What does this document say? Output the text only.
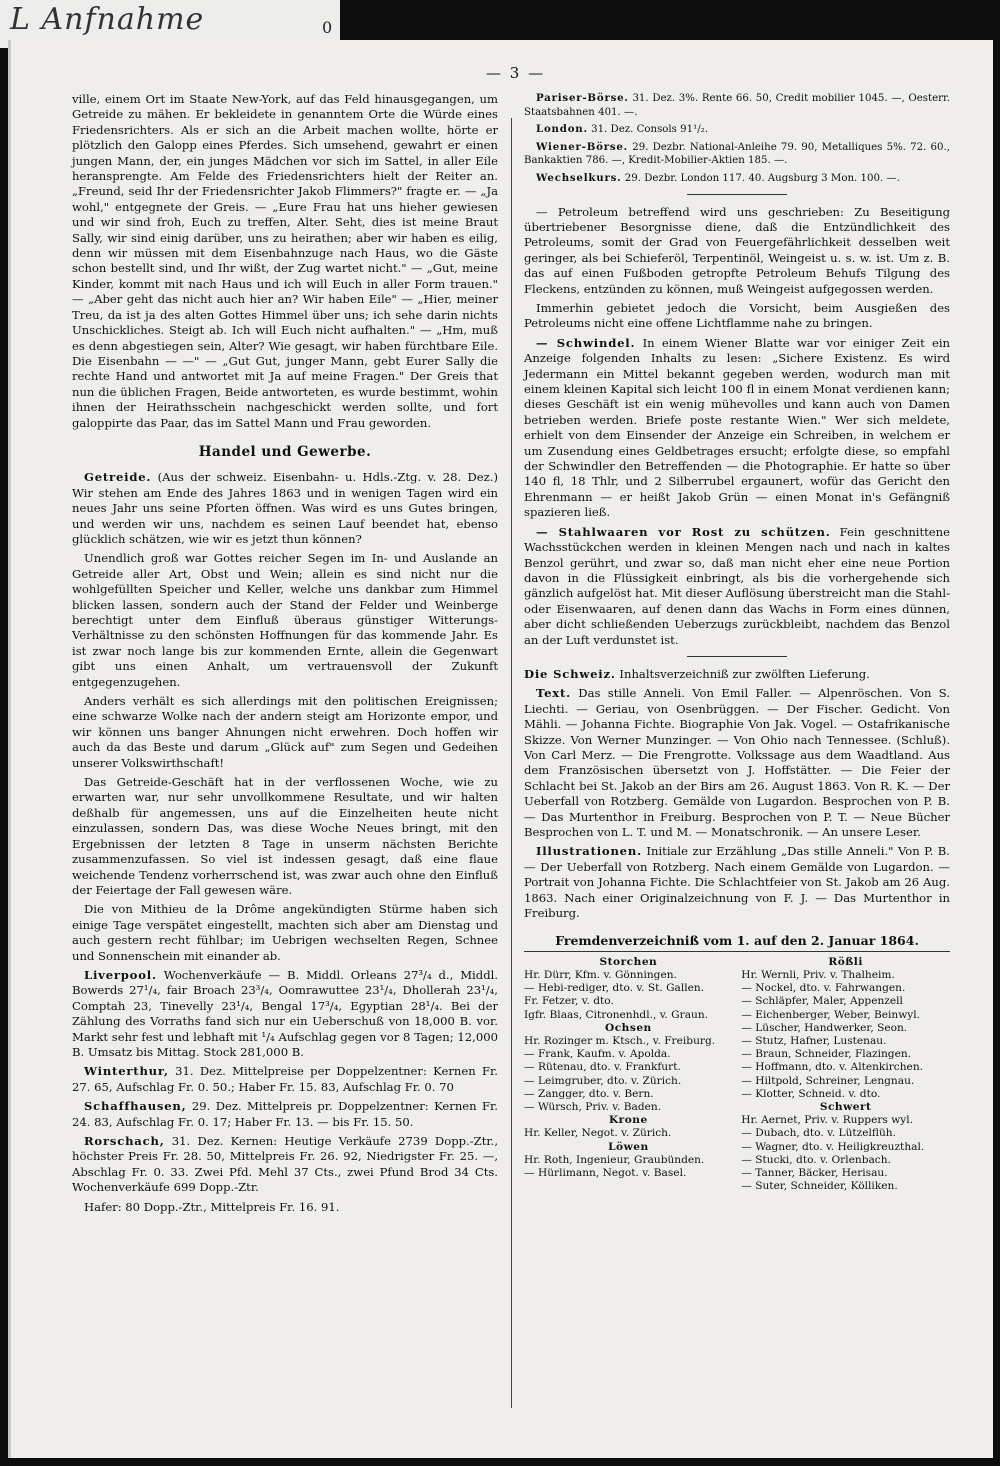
L Anfnahme	0
— 3 —

ville, einem Ort im Staate New-York, auf das Feld hinausgegangen, um Getreide zu mähen. Er bekleidete in genanntem Orte die Würde eines Friedensrichters. Als er sich an die Arbeit machen wollte, hörte er plötzlich den Galopp eines Pferdes. Sich umsehend, gewahrt er einen jungen Mann, der, ein junges Mädchen vor sich im Sattel, in aller Eile heransprengte. Am Felde des Friedensrichters hielt der Reiter an. „Freund, seid Ihr der Friedensrichter Jakob Flimmers?" fragte er. — „Ja wohl," entgegnete der Greis. — „Eure Frau hat uns hieher gewiesen und wir sind froh, Euch zu treffen, Alter. Seht, dies ist meine Braut Sally, wir sind einig darüber, uns zu heirathen; aber wir haben es eilig, denn wir müssen mit dem Eisenbahnzuge nach Haus, wo die Gäste schon bestellt sind, und Ihr wißt, der Zug wartet nicht." — „Gut, meine Kinder, kommt mit nach Haus und ich will Euch in aller Form trauen." — „Aber geht das nicht auch hier an? Wir haben Eile" — „Hier, meiner Treu, da ist ja des alten Gottes Himmel über uns; ich sehe darin nichts Unschickliches. Steigt ab. Ich will Euch nicht aufhalten." — „Hm, muß es denn abgestiegen sein, Alter? Wie gesagt, wir haben fürchtbare Eile. Die Eisenbahn — —" — „Gut Gut, junger Mann, gebt Eurer Sally die rechte Hand und antwortet mit Ja auf meine Fragen." Der Greis that nun die üblichen Fragen, Beide antworteten, es wurde bestimmt, wohin ihnen der Heirathsschein nachgeschickt werden sollte, und fort galoppirte das Paar, das im Sattel Mann und Frau geworden.

Handel und Gewerbe.

Getreide. (Aus der schweiz. Eisenbahn- u. Hdls.-Ztg. v. 28. Dez.) Wir stehen am Ende des Jahres 1863 und in wenigen Tagen wird ein neues Jahr uns seine Pforten öffnen. Was wird es uns Gutes bringen, und werden wir uns, nachdem es seinen Lauf beendet hat, ebenso glücklich schätzen, wie wir es jetzt thun können?

Unendlich groß war Gottes reicher Segen im In- und Auslande an Getreide aller Art, Obst und Wein; allein es sind nicht nur die wohlgefüllten Speicher und Keller, welche uns dankbar zum Himmel blicken lassen, sondern auch der Stand der Felder und Weinberge berechtigt unter dem Einfluß überaus günstiger Witterungs-Verhältnisse zu den schönsten Hoffnungen für das kommende Jahr. Es ist zwar noch lange bis zur kommenden Ernte, allein die Gegenwart gibt uns einen Anhalt, um vertrauensvoll der Zukunft entgegenzugehen.

Anders verhält es sich allerdings mit den politischen Ereignissen; eine schwarze Wolke nach der andern steigt am Horizonte empor, und wir können uns banger Ahnungen nicht erwehren. Doch hoffen wir auch da das Beste und darum „Glück auf" zum Segen und Gedeihen unserer Volkswirthschaft!

Das Getreide-Geschäft hat in der verflossenen Woche, wie zu erwarten war, nur sehr unvollkommene Resultate, und wir halten deßhalb für angemessen, uns auf die Einzelheiten heute nicht einzulassen, sondern Das, was diese Woche Neues bringt, mit den Ergebnissen der letzten 8 Tage in unserm nächsten Berichte zusammenzufassen. So viel ist indessen gesagt, daß eine flaue weichende Tendenz vorherrschend ist, was zwar auch ohne den Einfluß der Feiertage der Fall gewesen wäre.

Die von Mithieu de la Drôme angekündigten Stürme haben sich einige Tage verspätet eingestellt, machten sich aber am Dienstag und auch gestern recht fühlbar; im Uebrigen wechselten Regen, Schnee und Sonnenschein mit einander ab.

Liverpool. Wochenverkäufe — B. Middl. Orleans 27³/₄ d., Middl. Bowerds 27¹/₄, fair Broach 23³/₄, Oomrawuttee 23¹/₄, Dhollerah 23¹/₄, Comptah 23, Tinevelly 23¹/₄, Bengal 17³/₄, Egyptian 28¹/₄. Bei der Zählung des Vorraths fand sich nur ein Ueberschuß von 18,000 B. vor. Markt sehr fest und lebhaft mit ¹/₄ Aufschlag gegen vor 8 Tagen; 12,000 B. Umsatz bis Mittag. Stock 281,000 B.

Winterthur, 31. Dez. Mittelpreise per Doppelzentner: Kernen Fr. 27. 65, Aufschlag Fr. 0. 50.; Haber Fr. 15. 83, Aufschlag Fr. 0. 70

Schaffhausen, 29. Dez. Mittelpreis pr. Doppelzentner: Kernen Fr. 24. 83, Aufschlag Fr. 0. 17; Haber Fr. 13. — bis Fr. 15. 50.

Rorschach, 31. Dez. Kernen: Heutige Verkäufe 2739 Dopp.-Ztr., höchster Preis Fr. 28. 50, Mittelpreis Fr. 26. 92, Niedrigster Fr. 25. —, Abschlag Fr. 0. 33. Zwei Pfd. Mehl 37 Cts., zwei Pfund Brod 34 Cts. Wochenverkäufe 699 Dopp.-Ztr.

Hafer: 80 Dopp.-Ztr., Mittelpreis Fr. 16. 91.

Pariser-Börse. 31. Dez. 3%. Rente 66. 50, Credit mobilier 1045. —, Oesterr. Staatsbahnen 401. —.

London. 31. Dez. Consols 91¹/₂.

Wiener-Börse. 29. Dezbr. National-Anleihe 79. 90, Metalliques 5%. 72. 60., Bankaktien 786. —, Kredit-Mobilier-Aktien 185. —.

Wechselkurs. 29. Dezbr. London 117. 40. Augsburg 3 Mon. 100. —.

— Petroleum betreffend wird uns geschrieben: Zu Beseitigung übertriebener Besorgnisse diene, daß die Entzündlichkeit des Petroleums, somit der Grad von Feuergefährlichkeit desselben weit geringer, als bei Schieferöl, Terpentinöl, Weingeist u. s. w. ist. Um z. B. das auf einen Fußboden getropfte Petroleum Behufs Tilgung des Fleckens, entzünden zu können, muß Weingeist aufgegossen werden.

Immerhin gebietet jedoch die Vorsicht, beim Ausgießen des Petroleums nicht eine offene Lichtflamme nahe zu bringen.

— Schwindel. In einem Wiener Blatte war vor einiger Zeit ein Anzeige folgenden Inhalts zu lesen: „Sichere Existenz. Es wird Jedermann ein Mittel bekannt gegeben werden, wodurch man mit einem kleinen Kapital sich leicht 100 fl in einem Monat verdienen kann; dieses Geschäft ist ein wenig mühevolles und kann auch von Damen betrieben werden. Briefe poste restante Wien." Wer sich meldete, erhielt von dem Einsender der Anzeige ein Schreiben, in welchem er um Zusendung eines Geldbetrages ersucht; erfolgte diese, so empfahl der Schwindler den Betreffenden — die Photographie. Er hatte so über 140 fl, 18 Thlr, und 2 Silberrubel ergaunert, wofür das Gericht den Ehrenmann — er heißt Jakob Grün — einen Monat in's Gefängniß spazieren ließ.

— Stahlwaaren vor Rost zu schützen. Fein geschnittene Wachsstückchen werden in kleinen Mengen nach und nach in kaltes Benzol gerührt, und zwar so, daß man nicht eher eine neue Portion davon in die Flüssigkeit einbringt, als bis die vorhergehende sich gänzlich aufgelöst hat. Mit dieser Auflösung überstreicht man die Stahl- oder Eisenwaaren, auf denen dann das Wachs in Form eines dünnen, aber dicht schließenden Ueberzugs zurückbleibt, nachdem das Benzol an der Luft verdunstet ist.

Die Schweiz. Inhaltsverzeichniß zur zwölften Lieferung.

Text. Das stille Anneli. Von Emil Faller. — Alpenröschen. Von S. Liechti. — Geriau, von Osenbrüggen. — Der Fischer. Gedicht. Von Mähli. — Johanna Fichte. Biographie Von Jak. Vogel. — Ostafrikanische Skizze. Von Werner Munzinger. — Von Ohio nach Tennessee. (Schluß). Von Carl Merz. — Die Frengrotte. Volkssage aus dem Waadtland. Aus dem Französischen übersetzt von J. Hoffstätter. — Die Feier der Schlacht bei St. Jakob an der Birs am 26. August 1863. Von R. K. — Der Ueberfall von Rotzberg. Gemälde von Lugardon. Besprochen von P. B. — Das Murtenthor in Freiburg. Besprochen von P. T. — Neue Bücher Besprochen von L. T. und M. — Monatschronik. — An unsere Leser.

Illustrationen. Initiale zur Erzählung „Das stille Anneli." Von P. B. — Der Ueberfall von Rotzberg. Nach einem Gemälde von Lugardon. — Portrait von Johanna Fichte. Die Schlachtfeier von St. Jakob am 26 Aug. 1863. Nach einer Originalzeichnung von F. J. — Das Murtenthor in Freiburg.

Fremdenverzeichniß vom 1. auf den 2. Januar 1864.
Storchen
Hr. Dürr, Kfm. v. Gönningen.
— Hebi-rediger, dto. v. St. Gallen.
Fr. Fetzer, v. dto.
Igfr. Blaas, Citronenhdl., v. Graun.
Ochsen
Hr. Rozinger m. Ktsch., v. Freiburg.
— Frank, Kaufm. v. Apolda.
— Rütenau, dto. v. Frankfurt.
— Leimgruber, dto. v. Zürich.
— Zangger, dto. v. Bern.
— Würsch, Priv. v. Baden.
Krone
Hr. Keller, Negot. v. Zürich.
Löwen
Hr. Roth, Ingenieur, Graubünden.
— Hürlimann, Negot. v. Basel.
Rößli
Hr. Wernli, Priv. v. Thalheim.
— Nockel, dto. v. Fahrwangen.
— Schläpfer, Maler, Appenzell
— Eichenberger, Weber, Beinwyl.
— Lüscher, Handwerker, Seon.
— Stutz, Hafner, Lustenau.
— Braun, Schneider, Flazingen.
— Hoffmann, dto. v. Altenkirchen.
— Hiltpold, Schreiner, Lengnau.
— Klotter, Schneid. v. dto.
Schwert
Hr. Aernet, Priv. v. Ruppers wyl.
— Dubach, dto. v. Lützelflüh.
— Wagner, dto. v. Heiligkreuzthal.
— Stucki, dto. v. Orlenbach.
— Tanner, Bäcker, Herisau.
— Suter, Schneider, Kölliken.
